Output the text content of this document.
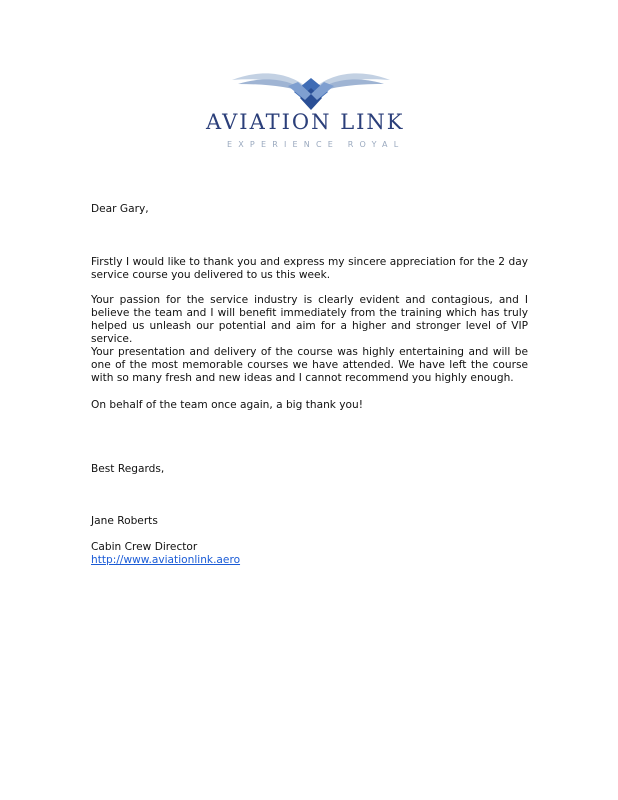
AVIATION LINK
EXPERIENCE ROYAL
Dear Gary,
Firstly I would like to thank you and express my sincere appreciation for the 2 day service course you delivered to us this week.
Your passion for the service industry is clearly evident and contagious, and I believe the team and I will benefit immediately from the training which has truly helped us unleash our potential and aim for a higher and stronger level of VIP service.
Your presentation and delivery of the course was highly entertaining and will be one of the most memorable courses we have attended. We have left the course with so many fresh and new ideas and I cannot recommend you highly enough.
On behalf of the team once again, a big thank you!
Best Regards,
Jane Roberts
Cabin Crew Director
http://www.aviationlink.aero
